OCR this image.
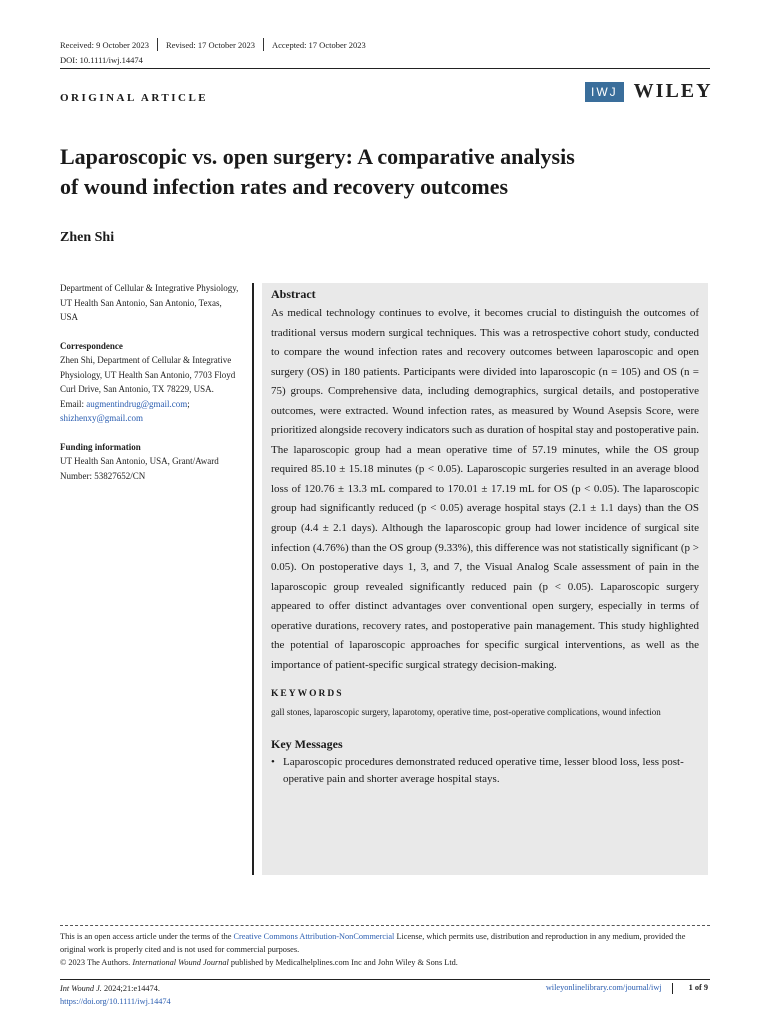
Received: 9 October 2023 Revised: 17 October 2023 Accepted: 17 October 2023
DOI: 10.1111/iwj.14474
ORIGINAL ARTICLE	IWJ WILEY
Laparoscopic vs. open surgery: A comparative analysis
of wound infection rates and recovery outcomes
Zhen Shi
Department of Cellular & Integrative Physiology, UT Health San Antonio, San Antonio, Texas, USA
Correspondence
Zhen Shi, Department of Cellular & Integrative Physiology, UT Health San Antonio, 7703 Floyd Curl Drive, San Antonio, TX 78229, USA.
Email: augmentindrug@gmail.com;
shizhenxy@gmail.com
Funding information
UT Health San Antonio, USA, Grant/Award Number: 53827652/CN
Abstract

As medical technology continues to evolve, it becomes crucial to distinguish the outcomes of traditional versus modern surgical techniques. This was a retrospective cohort study, conducted to compare the wound infection rates and recovery outcomes between laparoscopic and open surgery (OS) in 180 patients. Participants were divided into laparoscopic (n = 105) and OS (n = 75) groups. Comprehensive data, including demographics, surgical details, and postoperative outcomes, were extracted. Wound infection rates, as measured by Wound Asepsis Score, were prioritized alongside recovery indicators such as duration of hospital stay and postoperative pain. The laparoscopic group had a mean operative time of 57.19 minutes, while the OS group required 85.10 ± 15.18 minutes (p < 0.05). Laparoscopic surgeries resulted in an average blood loss of 120.76 ± 13.3 mL compared to 170.01 ± 17.19 mL for OS (p < 0.05). The laparoscopic group had significantly reduced (p < 0.05) average hospital stays (2.1 ± 1.1 days) than the OS group (4.4 ± 2.1 days). Although the laparoscopic group had lower incidence of surgical site infection (4.76%) than the OS group (9.33%), this difference was not statistically significant (p > 0.05). On postoperative days 1, 3, and 7, the Visual Analog Scale assessment of pain in the laparoscopic group revealed significantly reduced pain (p < 0.05). Laparoscopic surgery appeared to offer distinct advantages over conventional open surgery, especially in terms of operative durations, recovery rates, and postoperative pain management. This study highlighted the potential of laparoscopic approaches for specific surgical interventions, as well as the importance of patient-specific surgical strategy decision-making.

KEYWORDS
gall stones, laparoscopic surgery, laparotomy, operative time, post-operative complications, wound infection
Key Messages
• Laparoscopic procedures demonstrated reduced operative time, lesser blood loss, less post-operative pain and shorter average hospital stays.
This is an open access article under the terms of the Creative Commons Attribution-NonCommercial License, which permits use, distribution and reproduction in any medium, provided the original work is properly cited and is not used for commercial purposes.
© 2023 The Authors. International Wound Journal published by Medicalhelplines.com Inc and John Wiley & Sons Ltd.
Int Wound J. 2024;21:e14474.
https://doi.org/10.1111/iwj.14474
wileyonlinelibrary.com/journal/iwj	1 of 9
